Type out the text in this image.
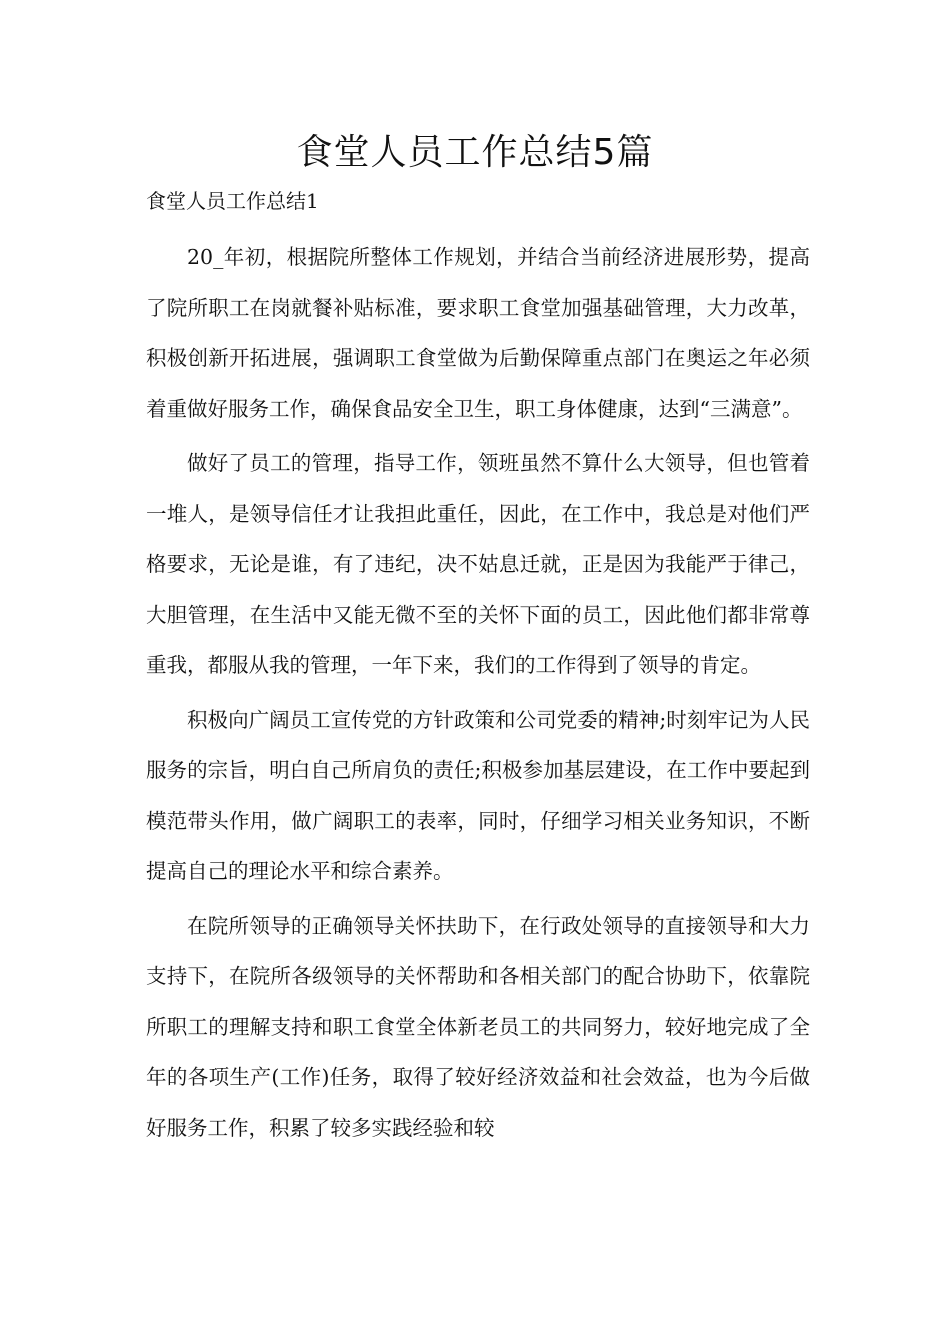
食堂人员工作总结5篇
食堂人员工作总结1

20_年初，根据院所整体工作规划，并结合当前经济进展形势，提高了院所职工在岗就餐补贴标准，要求职工食堂加强基础管理，大力改革，积极创新开拓进展，强调职工食堂做为后勤保障重点部门在奥运之年必须着重做好服务工作，确保食品安全卫生，职工身体健康，达到“三满意”。

做好了员工的管理，指导工作，领班虽然不算什么大领导，但也管着一堆人，是领导信任才让我担此重任，因此，在工作中，我总是对他们严格要求，无论是谁，有了违纪，决不姑息迁就，正是因为我能严于律己，大胆管理，在生活中又能无微不至的关怀下面的员工，因此他们都非常尊重我，都服从我的管理，一年下来，我们的工作得到了领导的肯定。

积极向广阔员工宣传党的方针政策和公司党委的精神;时刻牢记为人民服务的宗旨，明白自己所肩负的责任;积极参加基层建设，在工作中要起到模范带头作用，做广阔职工的表率，同时，仔细学习相关业务知识，不断提高自己的理论水平和综合素养。

在院所领导的正确领导关怀扶助下，在行政处领导的直接领导和大力支持下，在院所各级领导的关怀帮助和各相关部门的配合协助下，依靠院所职工的理解支持和职工食堂全体新老员工的共同努力，较好地完成了全年的各项生产(工作)任务，取得了较好经济效益和社会效益，也为今后做好服务工作，积累了较多实践经验和较
